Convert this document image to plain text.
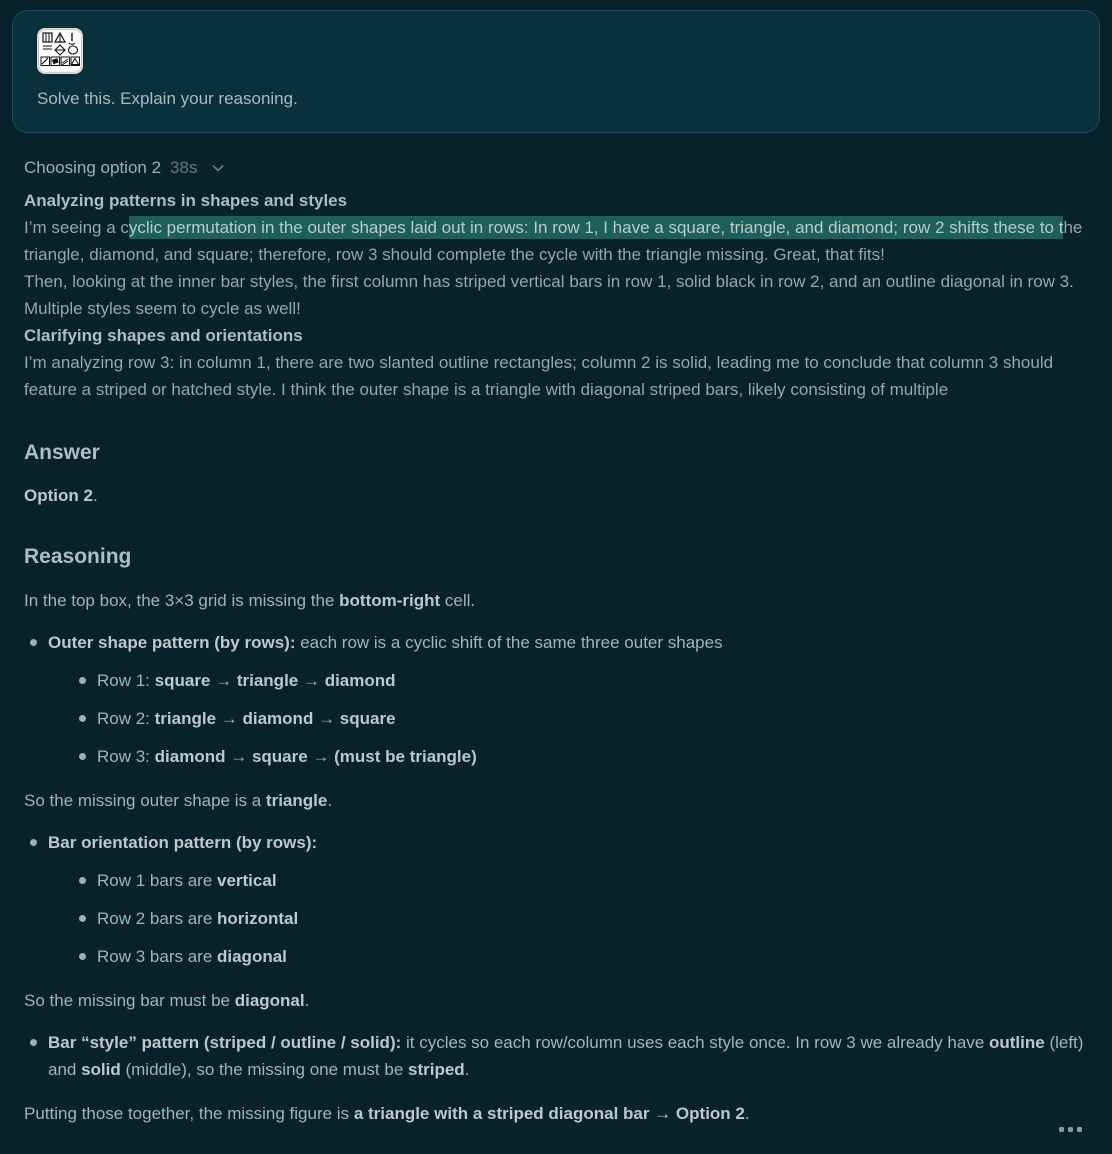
Solve this. Explain your reasoning.
Choosing option 2 38s
Analyzing patterns in shapes and styles

I’m seeing a cyclic permutation in the outer shapes laid out in rows: In row 1, I have a square, triangle, and diamond; row 2 shifts these to the triangle, diamond, and square; therefore, row 3 should complete the cycle with the triangle missing. Great, that fits!

Then, looking at the inner bar styles, the first column has striped vertical bars in row 1, solid black in row 2, and an outline diagonal in row 3. Multiple styles seem to cycle as well!

Clarifying shapes and orientations

I’m analyzing row 3: in column 1, there are two slanted outline rectangles; column 2 is solid, leading me to conclude that column 3 should feature a striped or hatched style. I think the outer shape is a triangle with diagonal striped bars, likely consisting of multiple

Answer

Option 2.

Reasoning

In the top box, the 3×3 grid is missing the bottom-right cell.

Outer shape pattern (by rows): each row is a cyclic shift of the same three outer shapes
Row 1: square → triangle → diamond
Row 2: triangle → diamond → square
Row 3: diamond → square → (must be triangle)

So the missing outer shape is a triangle.

Bar orientation pattern (by rows):
Row 1 bars are vertical
Row 2 bars are horizontal
Row 3 bars are diagonal

So the missing bar must be diagonal.

Bar “style” pattern (striped / outline / solid): it cycles so each row/column uses each style once. In row 3 we already have outline (left) and solid (middle), so the missing one must be striped.

Putting those together, the missing figure is a triangle with a striped diagonal bar → Option 2.
